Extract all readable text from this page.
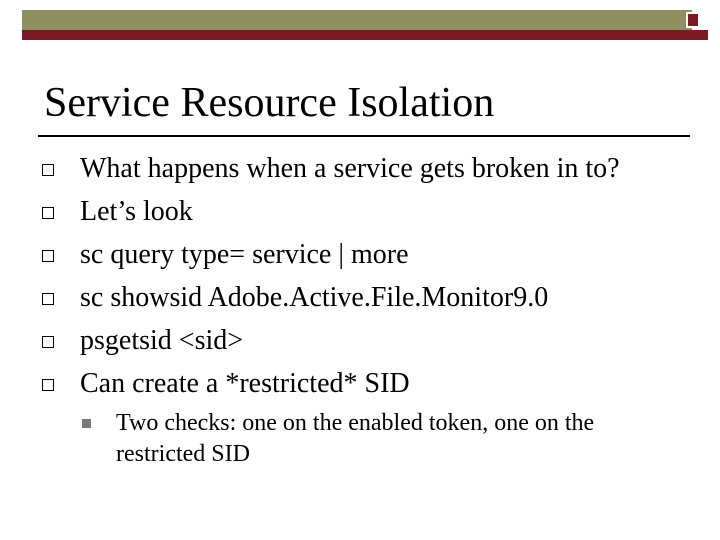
Service Resource Isolation
What happens when a service gets broken in to?
Let’s look
sc query type= service | more
sc showsid Adobe.Active.File.Monitor9.0
psgetsid <sid>
Can create a *restricted* SID
Two checks: one on the enabled token, one on the restricted SID
